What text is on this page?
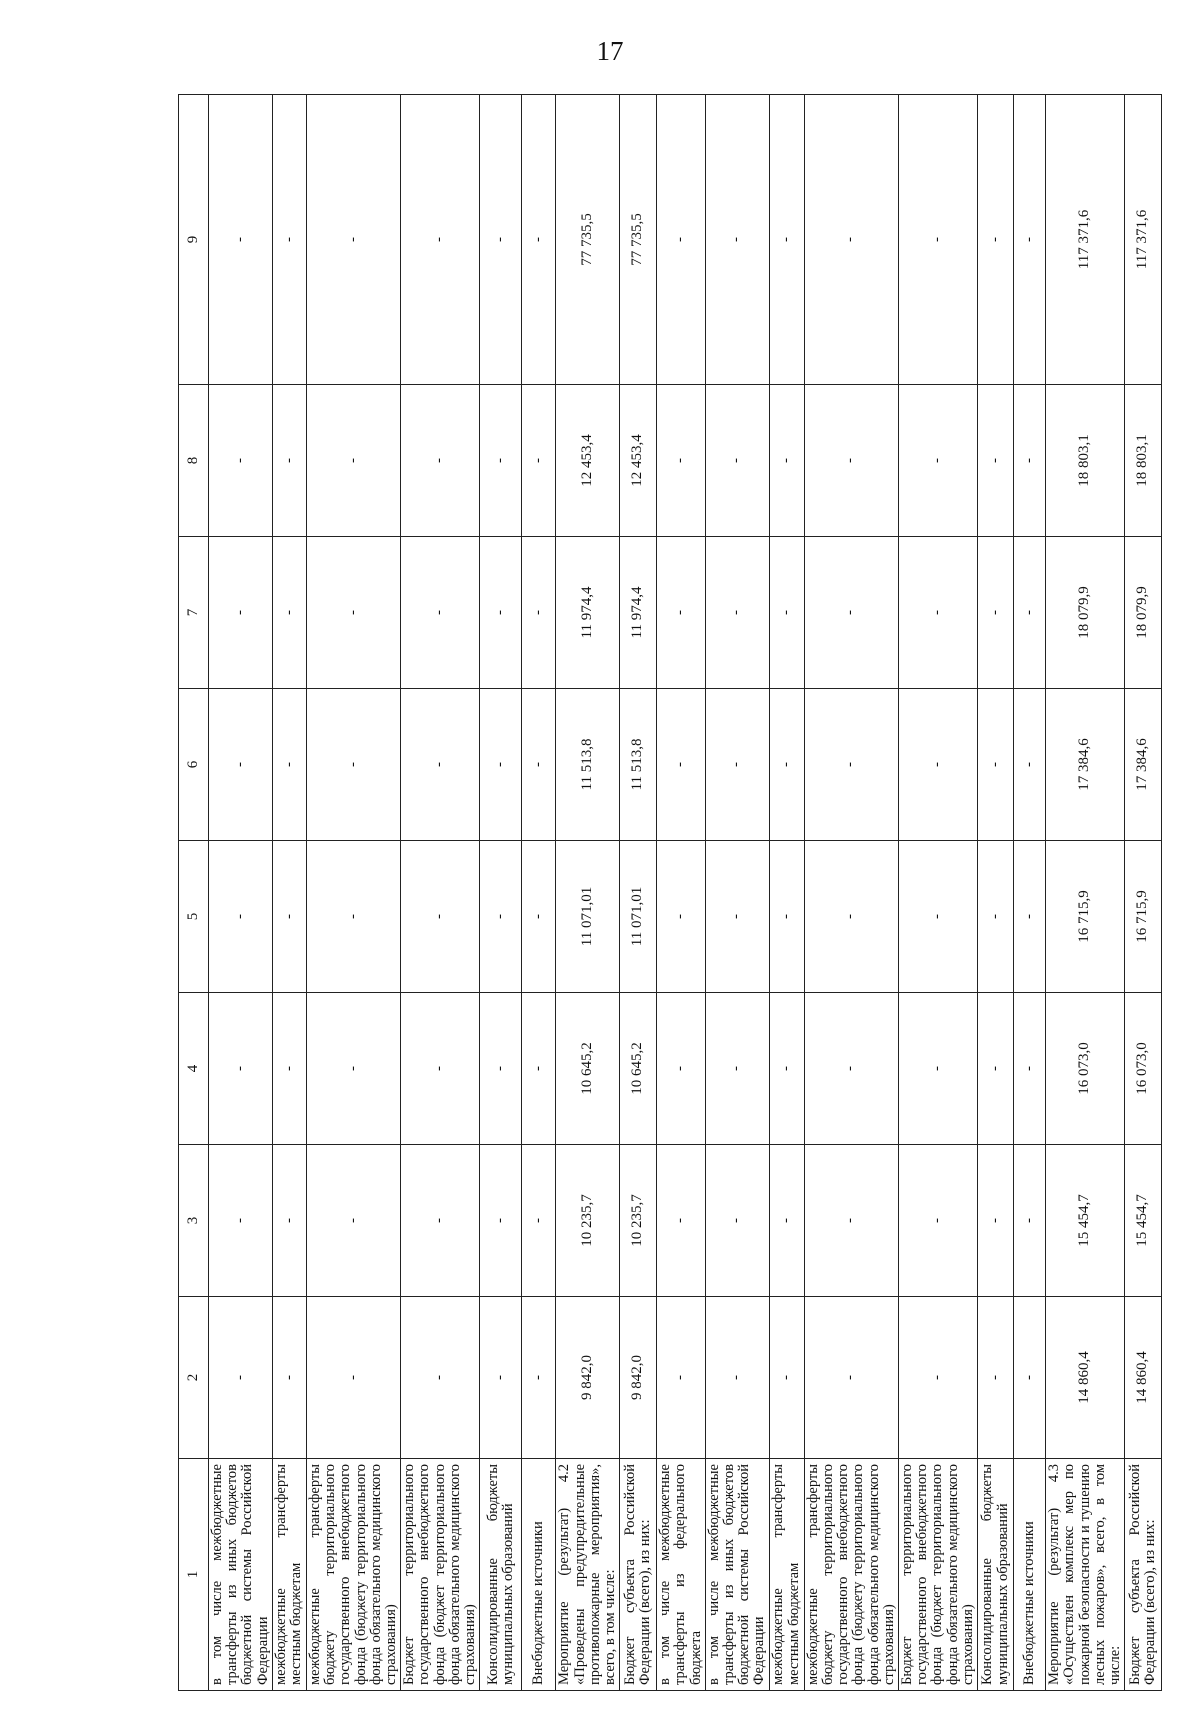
17
1	2	3	4	5	6	7	8	9
в том числе межбюджетные трансферты из иных бюджетов бюджетной системы Российской Федерации	-	-	-	-	-	-	-	-
межбюджетные трансферты местным бюджетам	-	-	-	-	-	-	-	-
межбюджетные трансферты бюджету территориального государственного внебюджетного фонда (бюджету территориального фонда обязательного медицинского страхования)	-	-	-	-	-	-	-	-
Бюджет территориального государственного внебюджетного фонда (бюджет территориального фонда обязательного медицинского страхования)	-	-	-	-	-	-	-	-
Консолидированные бюджеты муниципальных образований	-	-	-	-	-	-	-	-
Внебюджетные источники	-	-	-	-	-	-	-	-
Мероприятие (результат) 4.2 «Проведены предупредительные противопожарные мероприятия», всего, в том числе:	9 842,0	10 235,7	10 645,2	11 071,01	11 513,8	11 974,4	12 453,4	77 735,5
Бюджет субъекта Российской Федерации (всего), из них:	9 842,0	10 235,7	10 645,2	11 071,01	11 513,8	11 974,4	12 453,4	77 735,5
в том числе межбюджетные трансферты из федерального бюджета	-	-	-	-	-	-	-	-
в том числе межбюджетные трансферты из иных бюджетов бюджетной системы Российской Федерации	-	-	-	-	-	-	-	-
межбюджетные трансферты местным бюджетам	-	-	-	-	-	-	-	-
межбюджетные трансферты бюджету территориального государственного внебюджетного фонда (бюджету территориального фонда обязательного медицинского страхования)	-	-	-	-	-	-	-	-
Бюджет территориального государственного внебюджетного фонда (бюджет территориального фонда обязательного медицинского страхования)	-	-	-	-	-	-	-	-
Консолидированные бюджеты муниципальных образований	-	-	-	-	-	-	-	-
Внебюджетные источники	-	-	-	-	-	-	-	-
Мероприятие (результат) 4.3 «Осуществлен комплекс мер по пожарной безопасности и тушению лесных пожаров», всего, в том числе:	14 860,4	15 454,7	16 073,0	16 715,9	17 384,6	18 079,9	18 803,1	117 371,6
Бюджет субъекта Российской Федерации (всего), из них:	14 860,4	15 454,7	16 073,0	16 715,9	17 384,6	18 079,9	18 803,1	117 371,6
